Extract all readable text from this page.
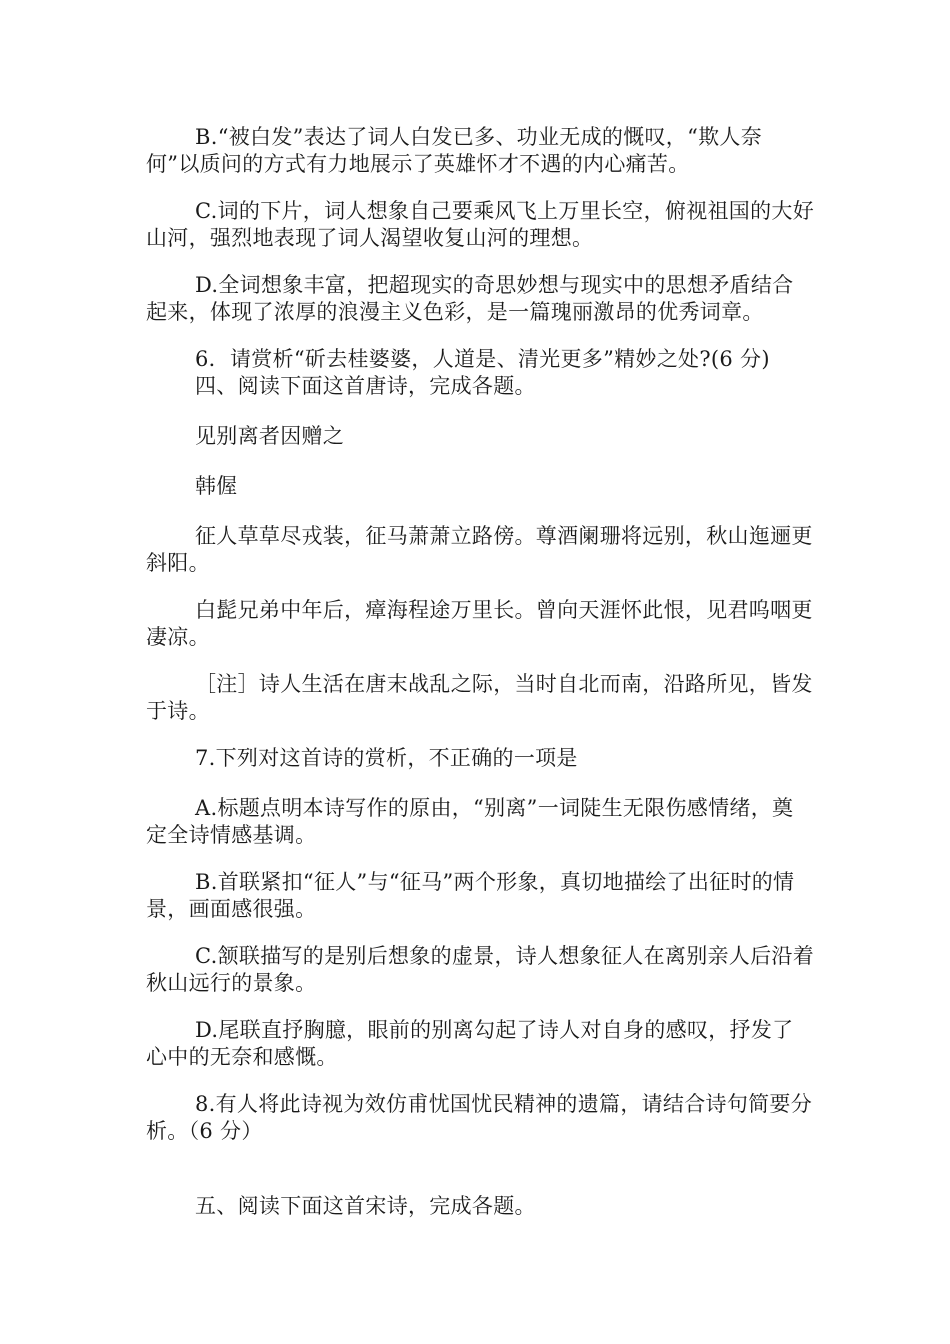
B.“被白发”表达了词人白发已多、功业无成的慨叹，“欺人奈何”以质问的方式有力地展示了英雄怀才不遇的内心痛苦。

C.词的下片，词人想象自己要乘风飞上万里长空，俯视祖国的大好山河，强烈地表现了词人渴望收复山河的理想。

D.全词想象丰富，把超现实的奇思妙想与现实中的思想矛盾结合起来，体现了浓厚的浪漫主义色彩，是一篇瑰丽激昂的优秀词章。

6．请赏析“斫去桂婆婆，人道是、清光更多”精妙之处?(6 分)

四、阅读下面这首唐诗，完成各题。

见别离者因赠之

韩偓

征人草草尽戎装，征马萧萧立路傍。尊酒阑珊将远别，秋山迤逦更斜阳。

白髭兄弟中年后，瘴海程途万里长。曾向天涯怀此恨，见君呜咽更凄凉。

［注］诗人生活在唐末战乱之际，当时自北而南，沿路所见，皆发于诗。

7.下列对这首诗的赏析，不正确的一项是

A.标题点明本诗写作的原由，“别离”一词陡生无限伤感情绪，奠定全诗情感基调。

B.首联紧扣“征人”与“征马”两个形象，真切地描绘了出征时的情景，画面感很强。

C.颔联描写的是别后想象的虚景，诗人想象征人在离别亲人后沿着秋山远行的景象。

D.尾联直抒胸臆，眼前的别离勾起了诗人对自身的感叹，抒发了心中的无奈和感慨。

8.有人将此诗视为效仿甫忧国忧民精神的遗篇，请结合诗句简要分析。（6 分）

五、阅读下面这首宋诗，完成各题。
